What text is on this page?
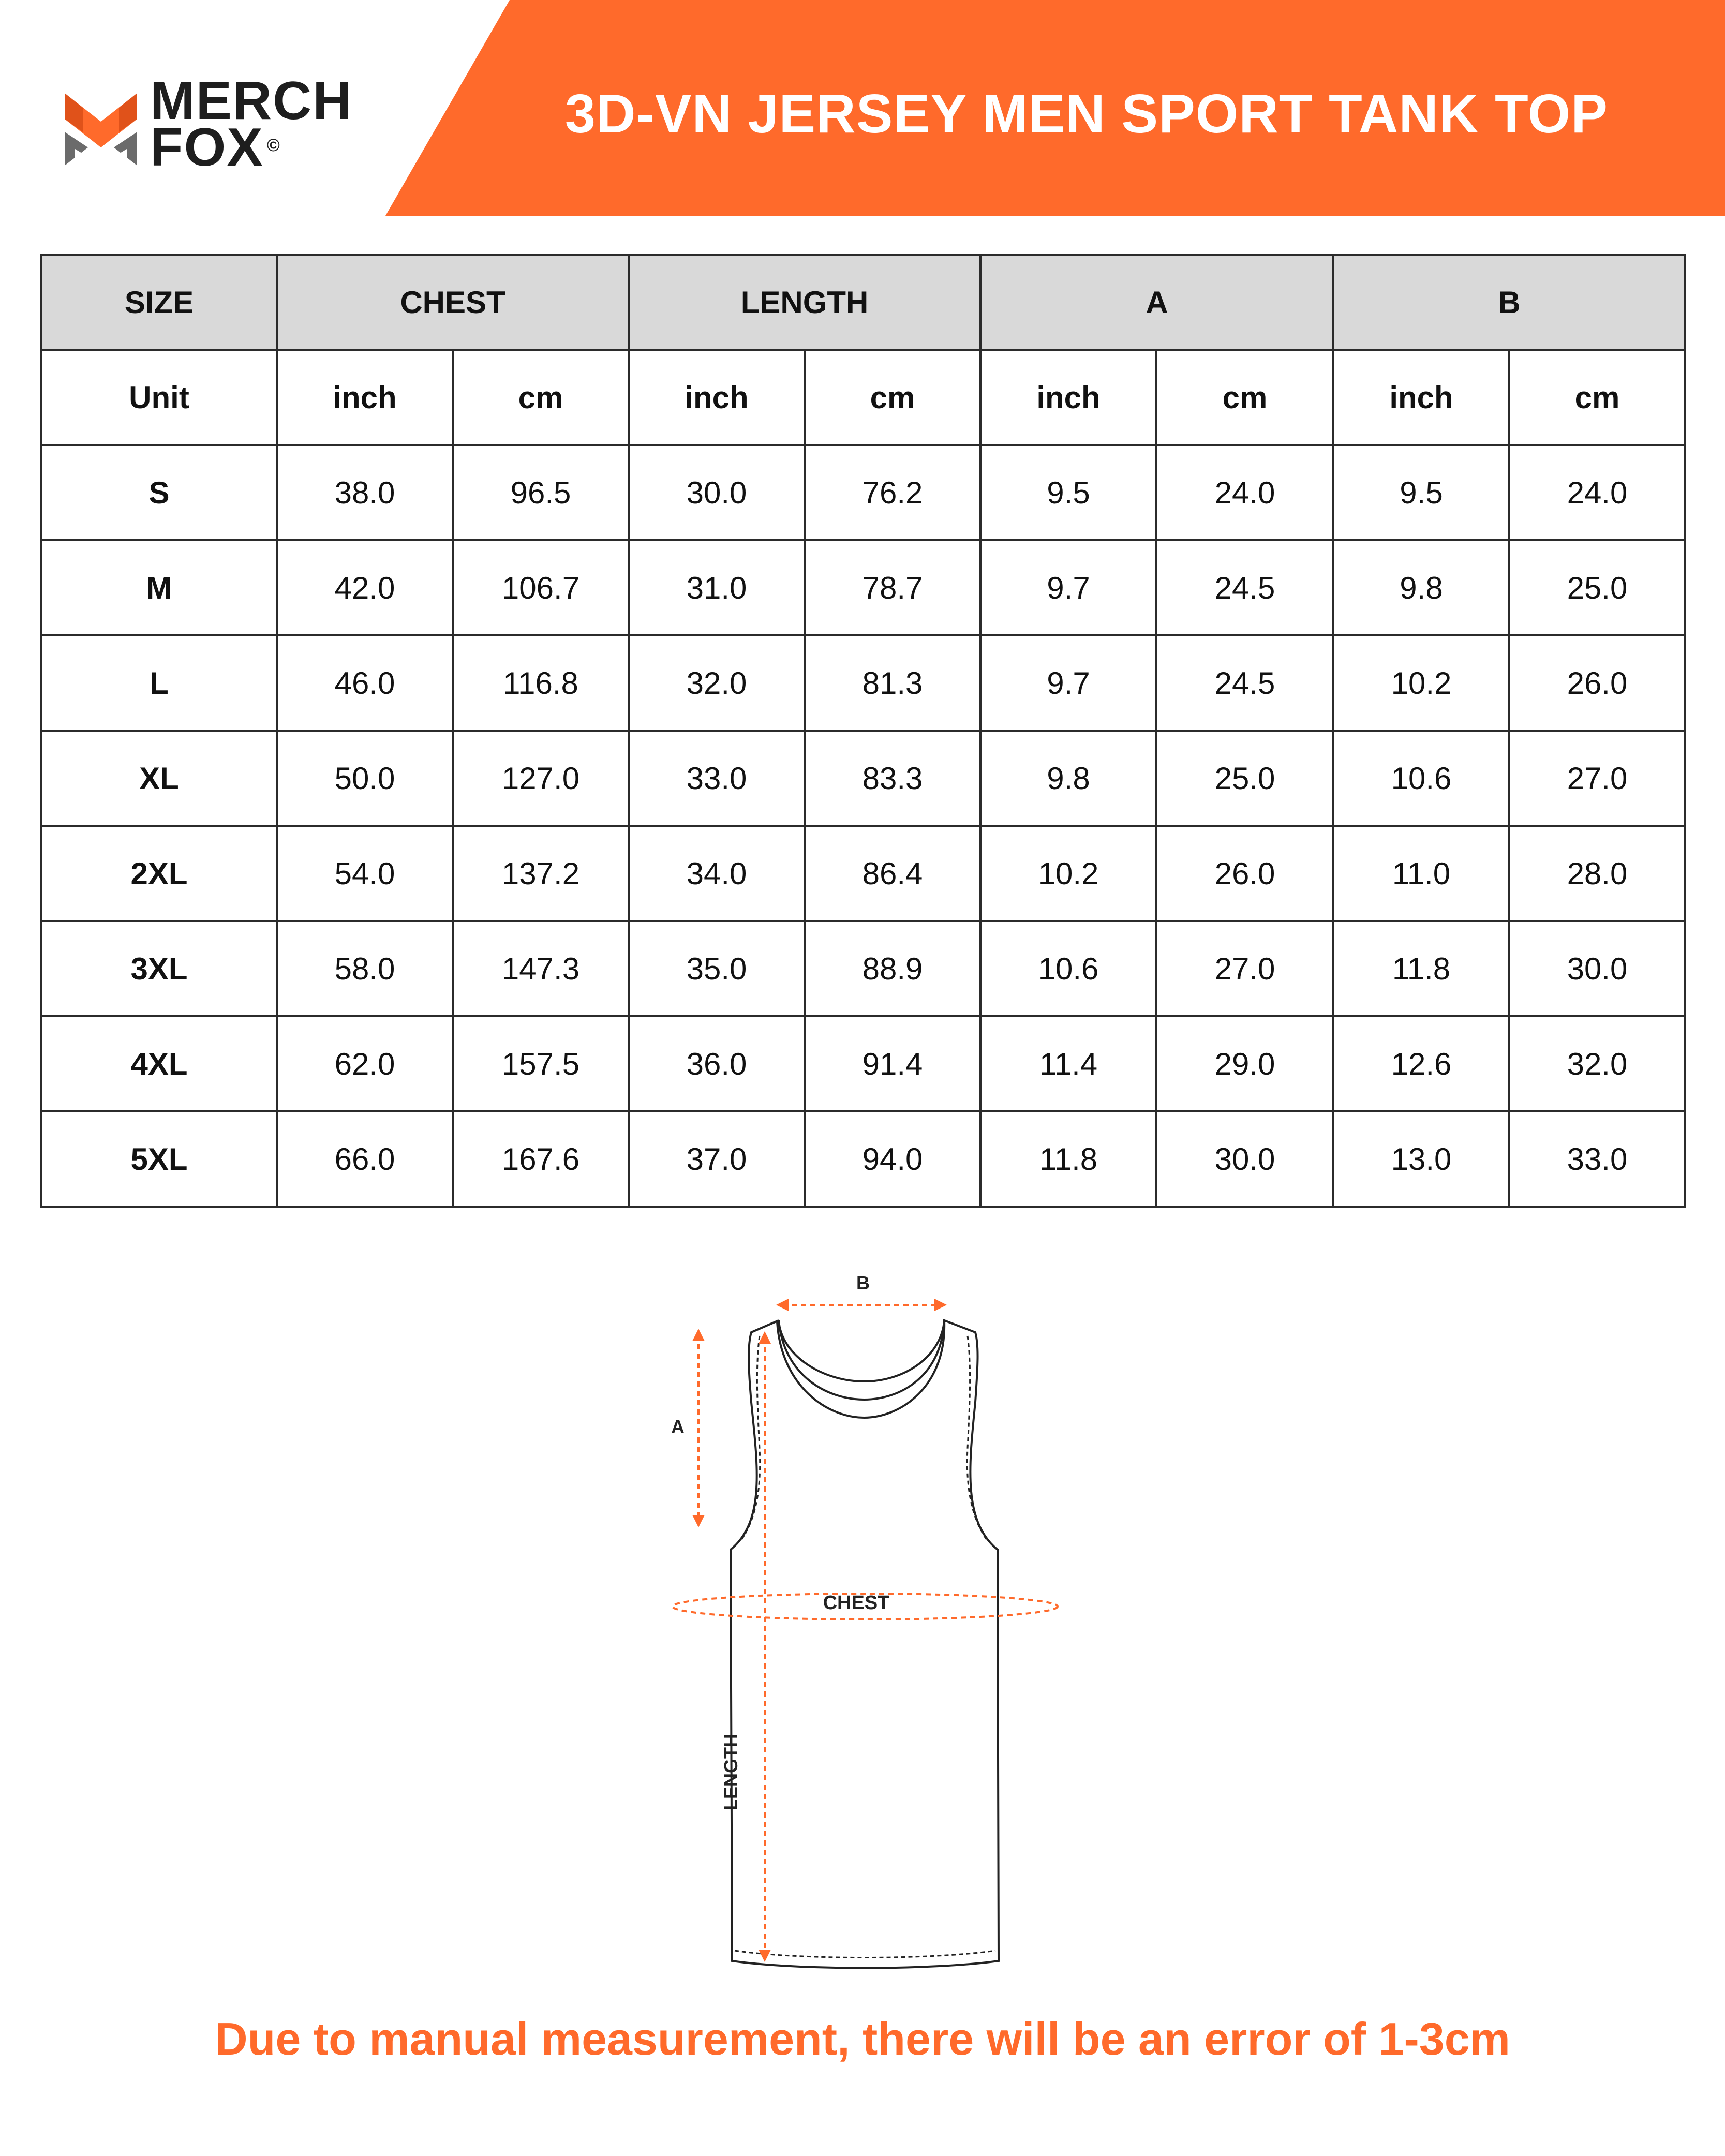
3D-VN JERSEY MEN SPORT TANK TOP
MERCH
FOX ©
SIZE	CHEST		LENGTH		A		B	
Unit	inch	cm	inch	cm	inch	cm	inch	cm
S	38.0	96.5	30.0	76.2	9.5	24.0	9.5	24.0
M	42.0	106.7	31.0	78.7	9.7	24.5	9.8	25.0
L	46.0	116.8	32.0	81.3	9.7	24.5	10.2	26.0
XL	50.0	127.0	33.0	83.3	9.8	25.0	10.6	27.0
2XL	54.0	137.2	34.0	86.4	10.2	26.0	11.0	28.0
3XL	58.0	147.3	35.0	88.9	10.6	27.0	11.8	30.0
4XL	62.0	157.5	36.0	91.4	11.4	29.0	12.6	32.0
5XL	66.0	167.6	37.0	94.0	11.8	30.0	13.0	33.0
B
A
CHEST
LENGTH
Due to manual measurement, there will be an error of 1-3cm
